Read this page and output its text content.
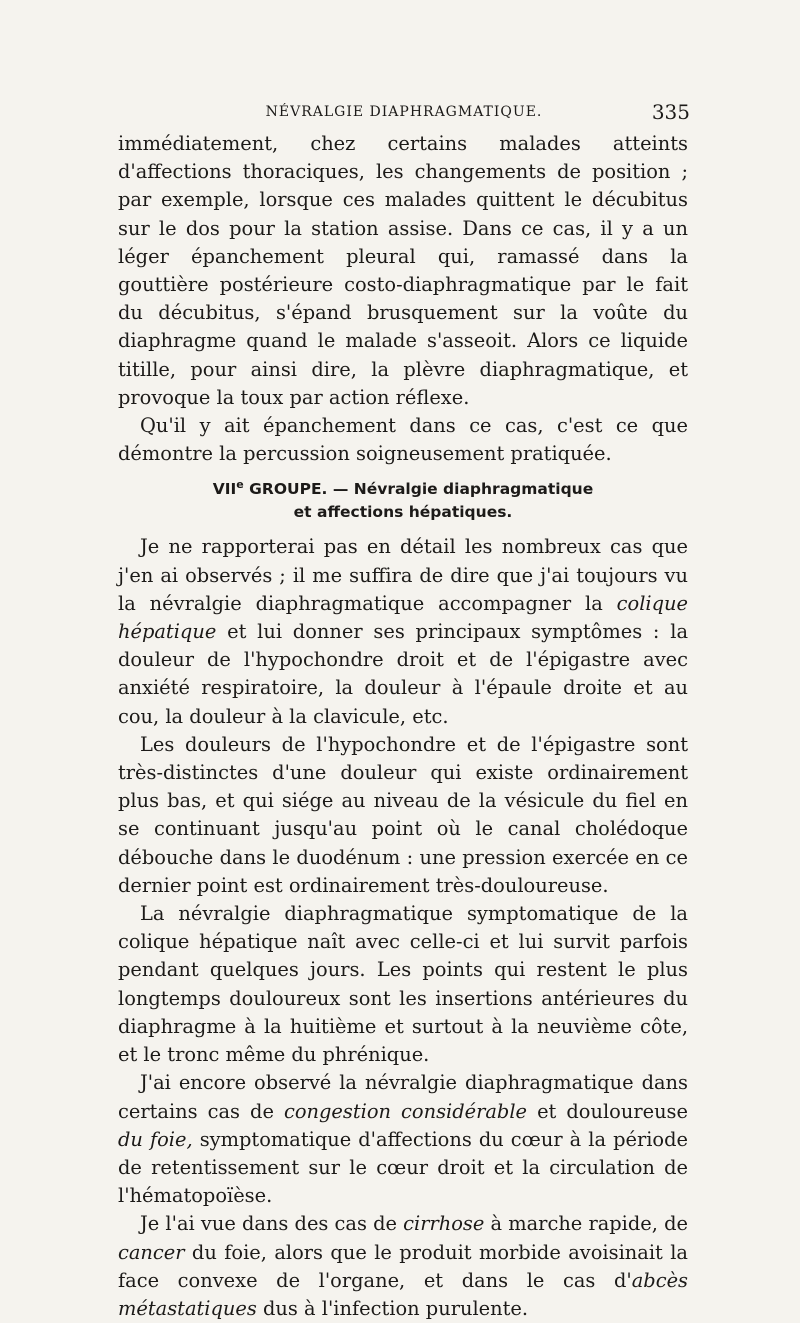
NÉVRALGIE DIAPHRAGMATIQUE.	335

immédiatement, chez certains malades atteints d'affections thoraciques, les changements de position ; par exemple, lorsque ces malades quittent le décubitus sur le dos pour la station assise. Dans ce cas, il y a un léger épanchement pleural qui, ramassé dans la gouttière postérieure costo-diaphragmatique par le fait du décubitus, s'épand brusquement sur la voûte du diaphragme quand le malade s'asseoit. Alors ce liquide titille, pour ainsi dire, la plèvre diaphragmatique, et provoque la toux par action réflexe.

Qu'il y ait épanchement dans ce cas, c'est ce que démontre la percussion soigneusement pratiquée.

VIIe GROUPE. — Névralgie diaphragmatique
et affections hépatiques.

Je ne rapporterai pas en détail les nombreux cas que j'en ai observés ; il me suffira de dire que j'ai toujours vu la névralgie diaphragmatique accompagner la colique hépatique et lui donner ses principaux symptômes : la douleur de l'hypochondre droit et de l'épigastre avec anxiété respiratoire, la douleur à l'épaule droite et au cou, la douleur à la clavicule, etc.

Les douleurs de l'hypochondre et de l'épigastre sont très-distinctes d'une douleur qui existe ordinairement plus bas, et qui siége au niveau de la vésicule du fiel en se continuant jusqu'au point où le canal cholédoque débouche dans le duodénum : une pression exercée en ce dernier point est ordinairement très-douloureuse.

La névralgie diaphragmatique symptomatique de la colique hépatique naît avec celle-ci et lui survit parfois pendant quelques jours. Les points qui restent le plus longtemps douloureux sont les insertions antérieures du diaphragme à la huitième et surtout à la neuvième côte, et le tronc même du phrénique.

J'ai encore observé la névralgie diaphragmatique dans certains cas de congestion considérable et douloureuse du foie, symptomatique d'affections du cœur à la période de retentissement sur le cœur droit et la circulation de l'hématopoïèse.

Je l'ai vue dans des cas de cirrhose à marche rapide, de cancer du foie, alors que le produit morbide avoisinait la face convexe de l'organe, et dans le cas d'abcès métastatiques dus à l'infection purulente.
